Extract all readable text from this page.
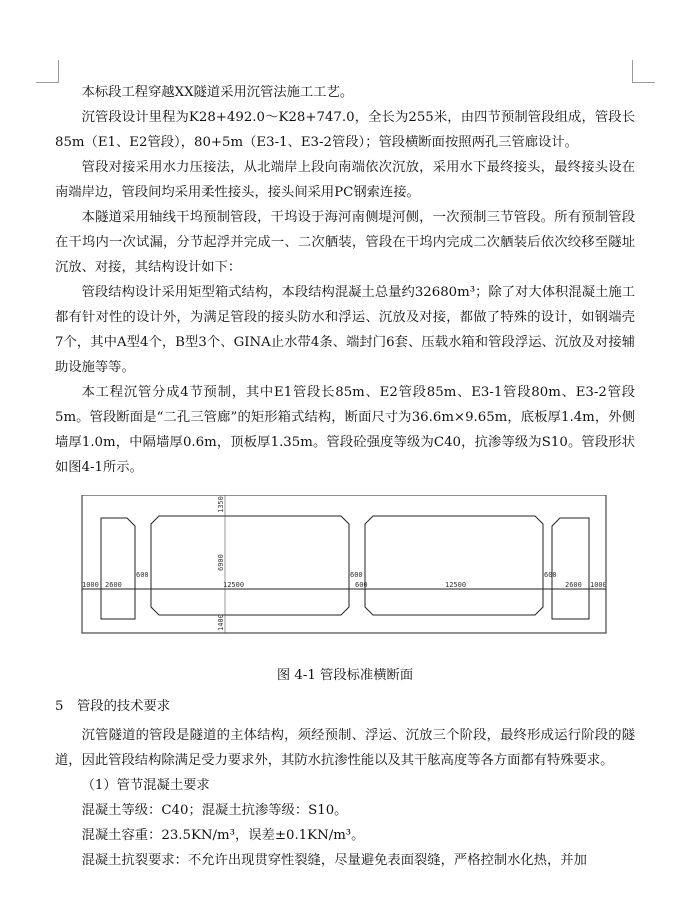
本标段工程穿越XX隧道采用沉管法施工工艺。

沉管段设计里程为K28+492.0～K28+747.0，全长为255米，由四节预制管段组成，管段长85m（E1、E2管段），80+5m（E3-1、E3-2管段）；管段横断面按照两孔三管廊设计。

管段对接采用水力压接法，从北端岸上段向南端依次沉放，采用水下最终接头，最终接头设在南端岸边，管段间均采用柔性接头，接头间采用PC钢索连接。

本隧道采用轴线干坞预制管段，干坞设于海河南侧堤河侧，一次预制三节管段。所有预制管段在干坞内一次试漏，分节起浮并完成一、二次舾装，管段在干坞内完成二次舾装后依次绞移至隧址沉放、对接，其结构设计如下：

管段结构设计采用矩型箱式结构，本段结构混凝土总量约32680m³；除了对大体积混凝土施工都有针对性的设计外，为满足管段的接头防水和浮运、沉放及对接，都做了特殊的设计，如钢端壳7个，其中A型4个，B型3个、GINA止水带4条、端封门6套、压载水箱和管段浮运、沉放及对接辅助设施等等。

本工程沉管分成4节预制，其中E1管段长85m、E2管段85m、E3-1管段80m、E3-2管段5m。管段断面是“二孔三管廊”的矩形箱式结构，断面尺寸为36.6m×9.65m，底板厚1.4m，外侧墙厚1.0m，中隔墙厚0.6m，顶板厚1.35m。管段砼强度等级为C40，抗渗等级为S10。管段形状如图4-1所示。

1000 2600
600
12500
600
600	12500
600
2600 1000
1350
6900
1400
图 4-1 管段标准横断面
5 管段的技术要求

沉管隧道的管段是隧道的主体结构，须经预制、浮运、沉放三个阶段，最终形成运行阶段的隧道，因此管段结构除满足受力要求外，其防水抗渗性能以及其干舷高度等各方面都有特殊要求。

（1）管节混凝土要求

混凝土等级：C40；混凝土抗渗等级：S10。

混凝土容重：23.5KN/m³，误差±0.1KN/m³。

混凝土抗裂要求：不允许出现贯穿性裂缝，尽量避免表面裂缝，严格控制水化热，并加
